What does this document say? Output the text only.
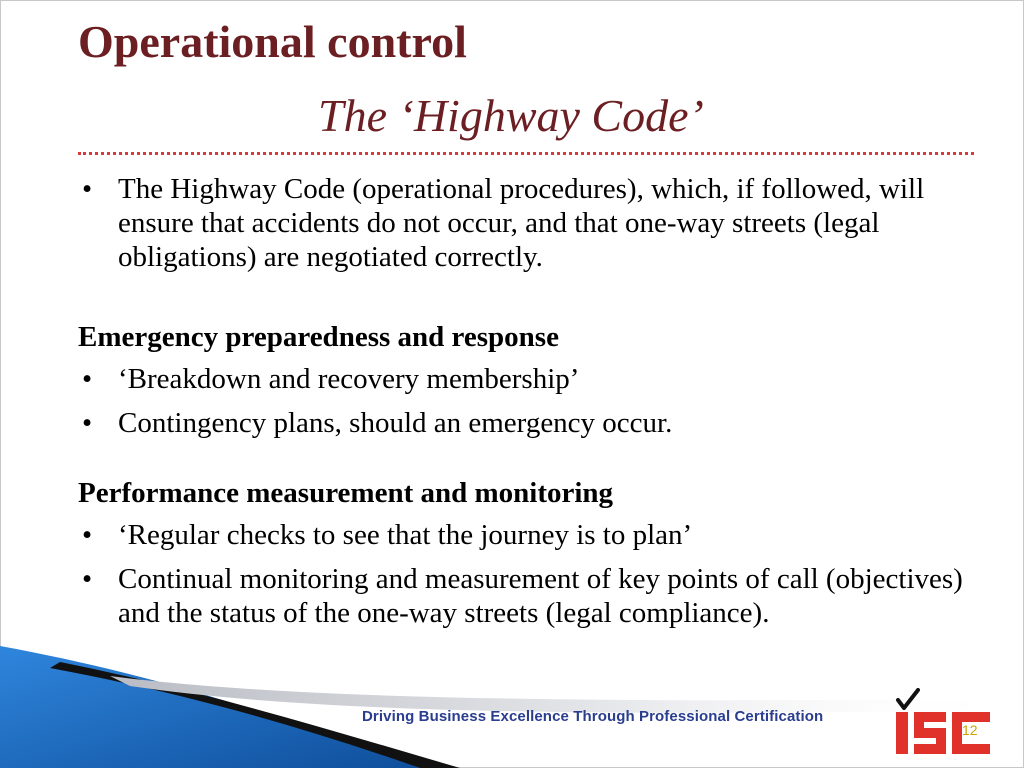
Operational control
The ‘Highway Code’
• The Highway Code (operational procedures), which, if followed, will ensure that accidents do not occur, and that one-way streets (legal obligations) are negotiated correctly.
Emergency preparedness and response
• ‘Breakdown and recovery membership’
• Contingency plans, should an emergency occur.
Performance measurement and monitoring
• ‘Regular checks to see that the journey is to plan’
• Continual monitoring and measurement of key points of call (objectives) and the status of the one-way streets (legal compliance).
Driving Business Excellence Through Professional Certification
12
